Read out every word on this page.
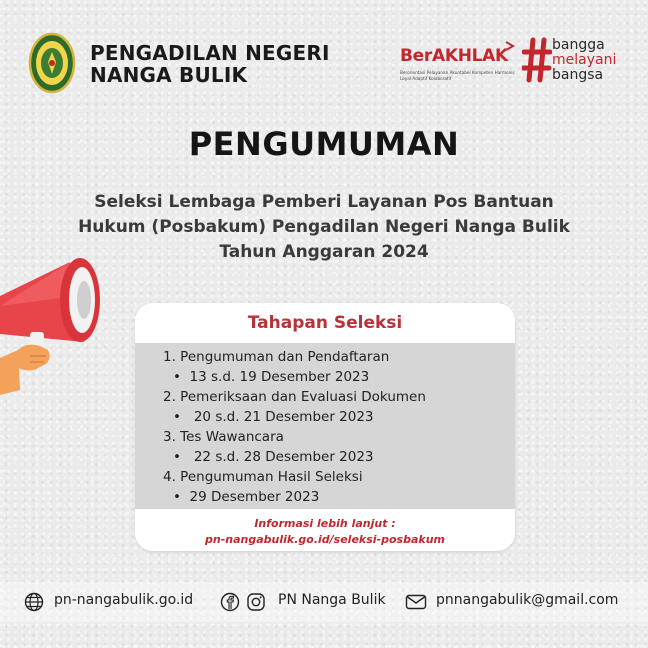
PENGADILAN NEGERI
NANGA BULIK
BerAKHLAK
Berorientasi Pelayanan Akuntabel Kompeten Harmonis Loyal Adaptif Kolaboratif
bangga
melayani
bangsa
PENGUMUMAN
Seleksi Lembaga Pemberi Layanan Pos Bantuan
Hukum (Posbakum) Pengadilan Negeri Nanga Bulik
Tahun Anggaran 2024
Tahapan Seleksi
1. Pengumuman dan Pendaftaran
•  13 s.d. 19 Desember 2023
2. Pemeriksaan dan Evaluasi Dokumen
•   20 s.d. 21 Desember 2023
3. Tes Wawancara
•   22 s.d. 28 Desember 2023
4. Pengumuman Hasil Seleksi
•  29 Desember 2023
Informasi lebih lanjut :
pn-nangabulik.go.id/seleksi-posbakum
pn-nangabulik.go.id	PN Nanga Bulik	pnnangabulik@gmail.com
